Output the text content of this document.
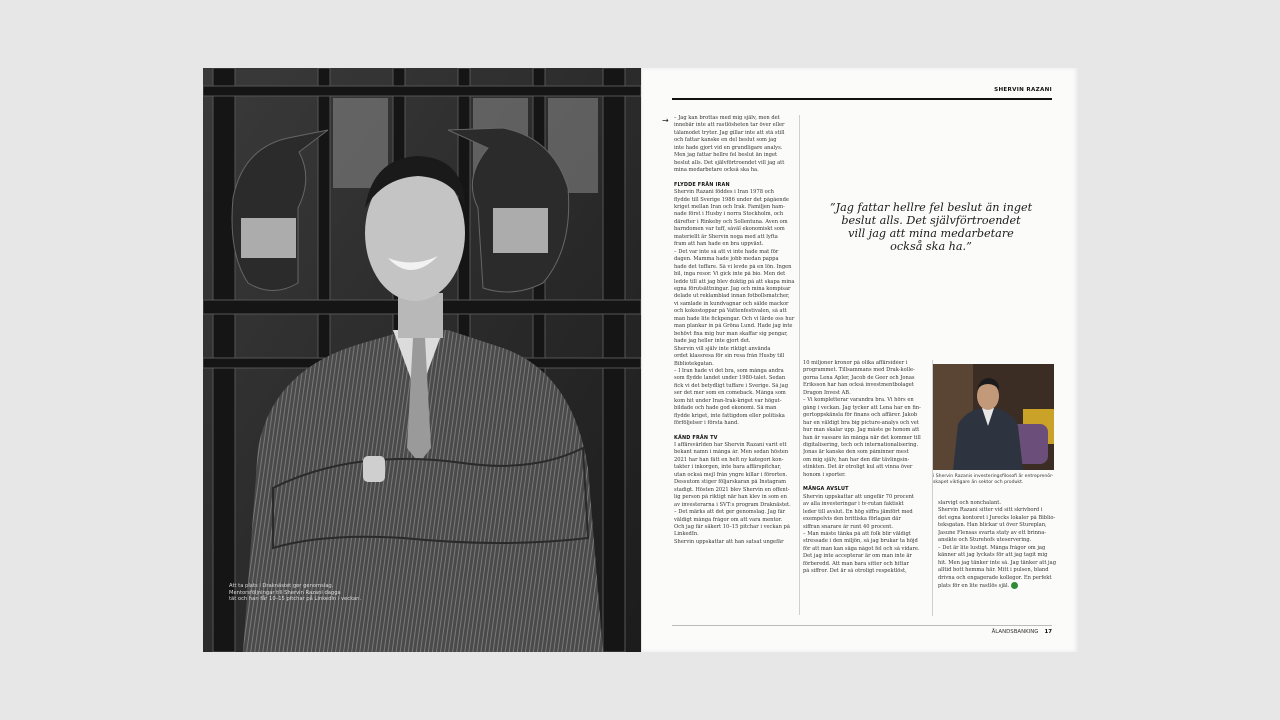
Att ta plats i Draknästet ger genomslag.
Mentorsföljningar till Shervin Razani dagga
tät och han får 10–15 pitchar på LinkedIn i veckan.
SHERVIN RAZANI
→ – Jag kan brottas med mig själv, men det
innebär inte att rastlösheten tar över eller
tålamodet tryter. Jag gillar inte att stå still
och fattar kanske en del beslut som jag
inte hade gjort vid en grundligare analys.
Men jag fattar hellre fel beslut än inget
beslut alls. Det självförtroendet vill jag att
mina medarbetare också ska ha.
FLYDDE FRÅN IRAN
Shervin Razani föddes i Iran 1978 och
flydde till Sverige 1986 under det pågående
kriget mellan Iran och Irak. Familjen ham-
nade först i Husby i norra Stockholm, och
därefter i Rinkeby och Sollentuna. Även om
barndomen var tuff, såväl ekonomiskt som
materiellt är Shervin noga med att lyfta
fram att han hade en bra uppväxt.
– Det var inte så att vi inte hade mat för
dagen. Mamma hade jobb medan pappa
hade det tuffare. Så vi levde på en lön. Ingen
bil, inga resor. Vi gick inte på bio. Men det
ledde till att jag blev duktig på att skapa mina
egna förutsättningar. Jag och mina kompisar
delade ut reklamblad innan fotbollsmatcher,
vi samlade in kundvagnar och sålde mackor
och kokostoppar på Vattenfestivalen, så att
man hade lite fickpengar. Och vi lärde oss hur
man plankar in på Gröna Lund. Hade jag inte
behövt fixa mig hur man skaffar sig pengar,
hade jag heller inte gjort det.
Shervin vill själv inte riktigt använda
ordet klassresa för sin resa från Husby till
Bibliotekgatan.
– I Iran hade vi det bra, som många andra
som flydde landet under 1980-talet. Sedan
fick vi det betydligt tuffare i Sverige. Så jag
ser det mer som en comeback. Många som
kom hit under Iran-Irak-kriget var högut-
bildade och hade god ekonomi. Så man
flydde kriget, inte fattigdom eller politiska
förföljelser i första hand.
KÄND FRÅN TV
I affärsvärlden har Shervin Razani varit ett
bekant namn i många år. Men sedan hösten
2021 har han fått en helt ny kategori kon-
takter i inkorgen, inte bara affärspitchar,
utan också mejl från yngre killar i förorten.
Dessutom stiger följarskaran på Instagram
stadigt. Hösten 2021 blev Shervin en offent-
lig person på riktigt när han klev in som en
av investerarna i SVT:s program Draknästet.
– Det märks att det ger genomslag. Jag får
väldigt många frågor om att vara mentor.
Och jag får säkert 10–15 pitchar i veckan på
LinkedIn.
Shervin uppskattar att han satsat ungefär
”Jag fattar hellre fel beslut än inget
beslut alls. Det självförtroendet
vill jag att mina medarbetare
också ska ha.”
10 miljoner kronor på olika affärsidéer i
programmet. Tillsammans med Drak-kolle-
gorna Lena Apler, Jacob de Geer och Jonas
Eriksson har han också investmentbolaget
Dragon Invest AB.
– Vi kompletterar varandra bra. Vi hörs en
gång i veckan. Jag tycker att Lena har en fin-
gertoppskänsla för finans och affärer. Jakob
har en väldigt bra big picture-analys och vet
hur man skalar upp. Jag måste ge honom att
han är vassare än många när det kommer till
digitalisering, tech och internationalisering.
Jonas är kanske den som påminner mest
om mig själv, han har den där tävlingsin-
stinkten. Det är otroligt kul att vinna över
honom i sporter.
MÅNGA AVSLUT
Shervin uppskattar att ungefär 70 procent
av alla investeringar i tv-rutan faktiskt
leder till avslut. En hög siffra jämfört med
exempelvis den brittiska förlagan där
siffran snarare är runt 40 procent.
– Man måste tänka på att folk blir väldigt
stressade i den miljön, så jag brukar ta höjd
för att man kan säga något fel och så vidare.
Det jag inte accepterar är om man inte är
förberedd. Att man bara sitter och hittar
på siffror. Det är så otroligt respektlöst,
i Shervin Razanis investeringsfilosofi är entreprenör-
skapet viktigare än sektor och produkt.
slarvigt och nonchalant.
Shervin Razani sitter vid sitt skrivbord i
det egna kontoret i Jurecks lokaler på Biblio-
teksgatan. Han blickar ut över Stureplan,
Jasune Flensas svarta staty av ett brinna-
ansikte och Sturehofs uteservering.
– Det är lite lustigt. Många frågor om jag
känner att jag lyckats för att jag tagit mig
hit. Men jag tänker inte så. Jag tänker att jag
alltid bott hemma här. Mitt i pulsen, bland
drivna och engagerade kollegor. En perfekt
plats för en lite rastlös själ.
ÅLANDSBANKING 17
